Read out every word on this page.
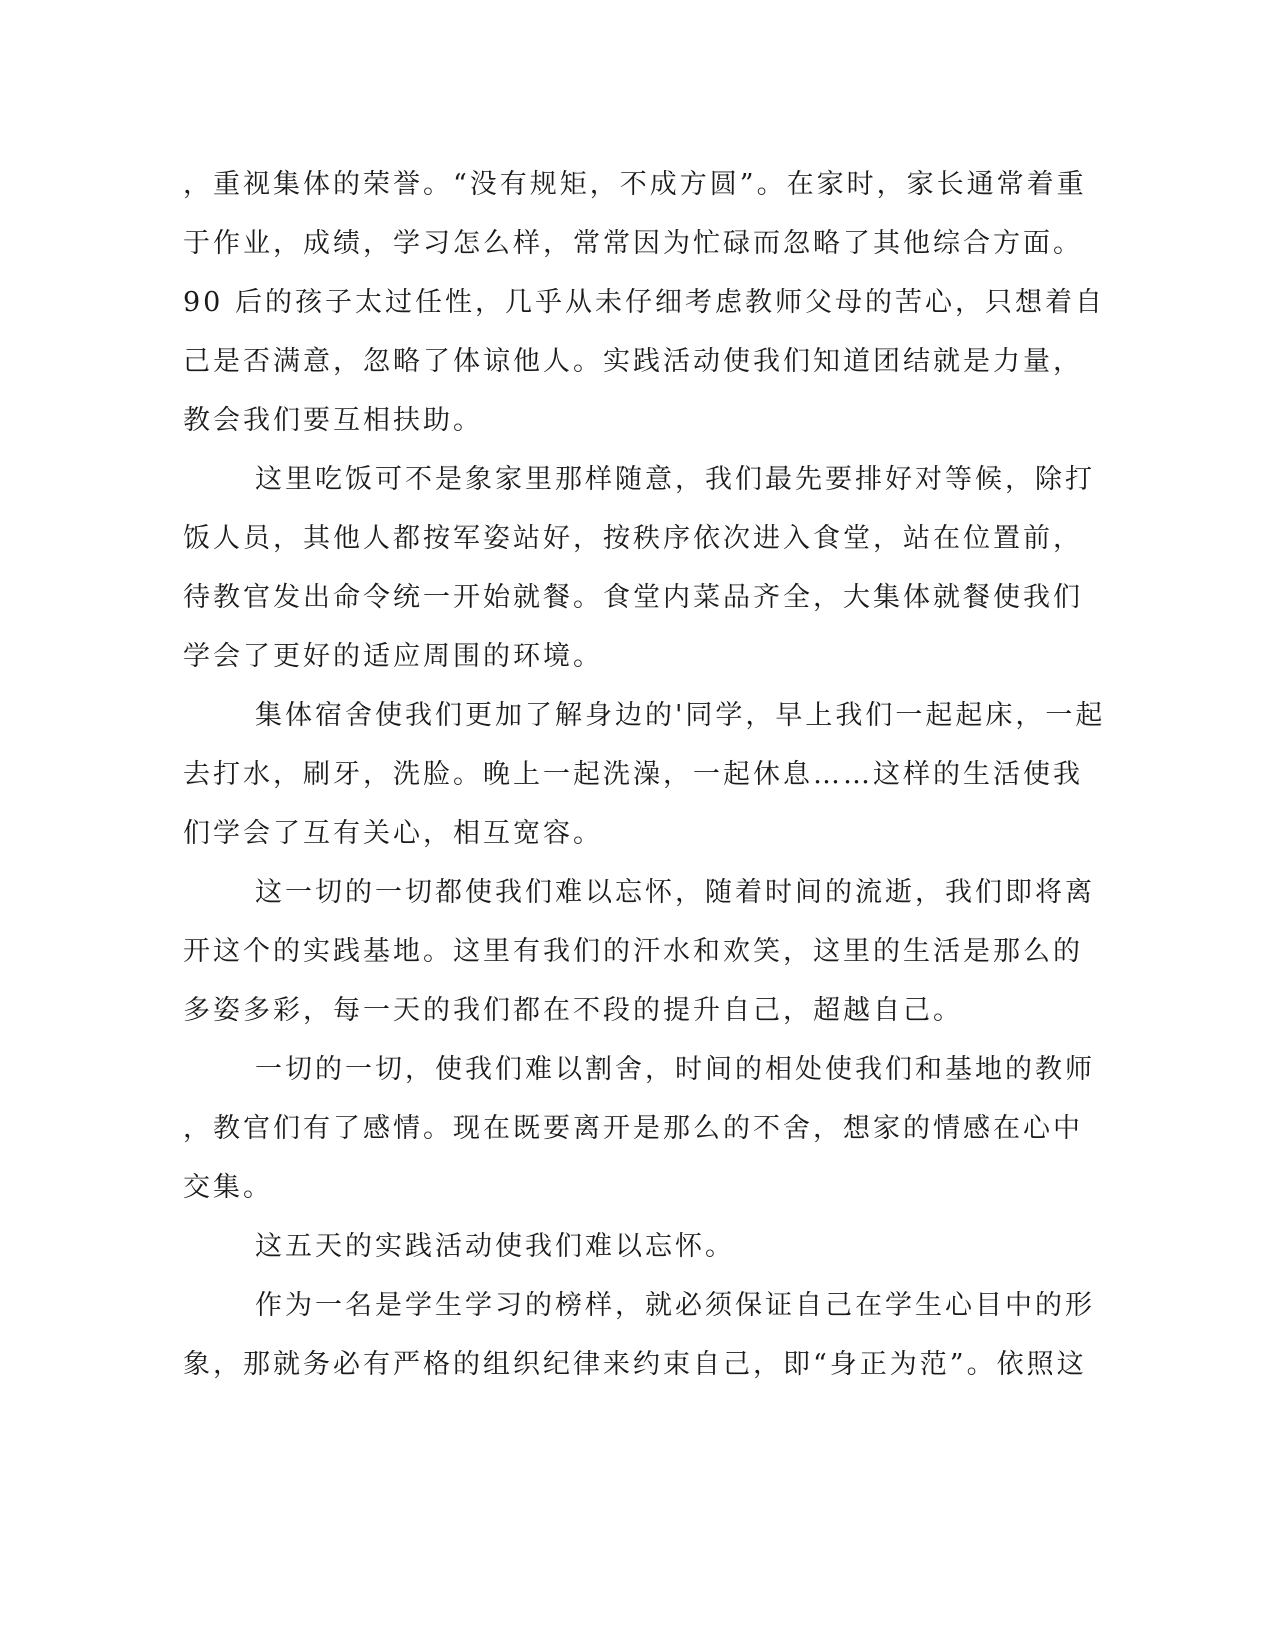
，重视集体的荣誉。“没有规矩，不成方圆”。在家时，家长通常着重
于作业，成绩，学习怎么样，常常因为忙碌而忽略了其他综合方面。
90 后的孩子太过任性，几乎从未仔细考虑教师父母的苦心，只想着自
己是否满意，忽略了体谅他人。实践活动使我们知道团结就是力量，
教会我们要互相扶助。
这里吃饭可不是象家里那样随意，我们最先要排好对等候，除打
饭人员，其他人都按军姿站好，按秩序依次进入食堂，站在位置前，
待教官发出命令统一开始就餐。食堂内菜品齐全，大集体就餐使我们
学会了更好的适应周围的环境。
集体宿舍使我们更加了解身边的'同学，早上我们一起起床，一起
去打水，刷牙，洗脸。晚上一起洗澡，一起休息……这样的生活使我
们学会了互有关心，相互宽容。
这一切的一切都使我们难以忘怀，随着时间的流逝，我们即将离
开这个的实践基地。这里有我们的汗水和欢笑，这里的生活是那么的
多姿多彩，每一天的我们都在不段的提升自己，超越自己。
一切的一切，使我们难以割舍，时间的相处使我们和基地的教师
，教官们有了感情。现在既要离开是那么的不舍，想家的情感在心中
交集。
这五天的实践活动使我们难以忘怀。
作为一名是学生学习的榜样，就必须保证自己在学生心目中的形
象，那就务必有严格的组织纪律来约束自己，即“身正为范”。依照这
